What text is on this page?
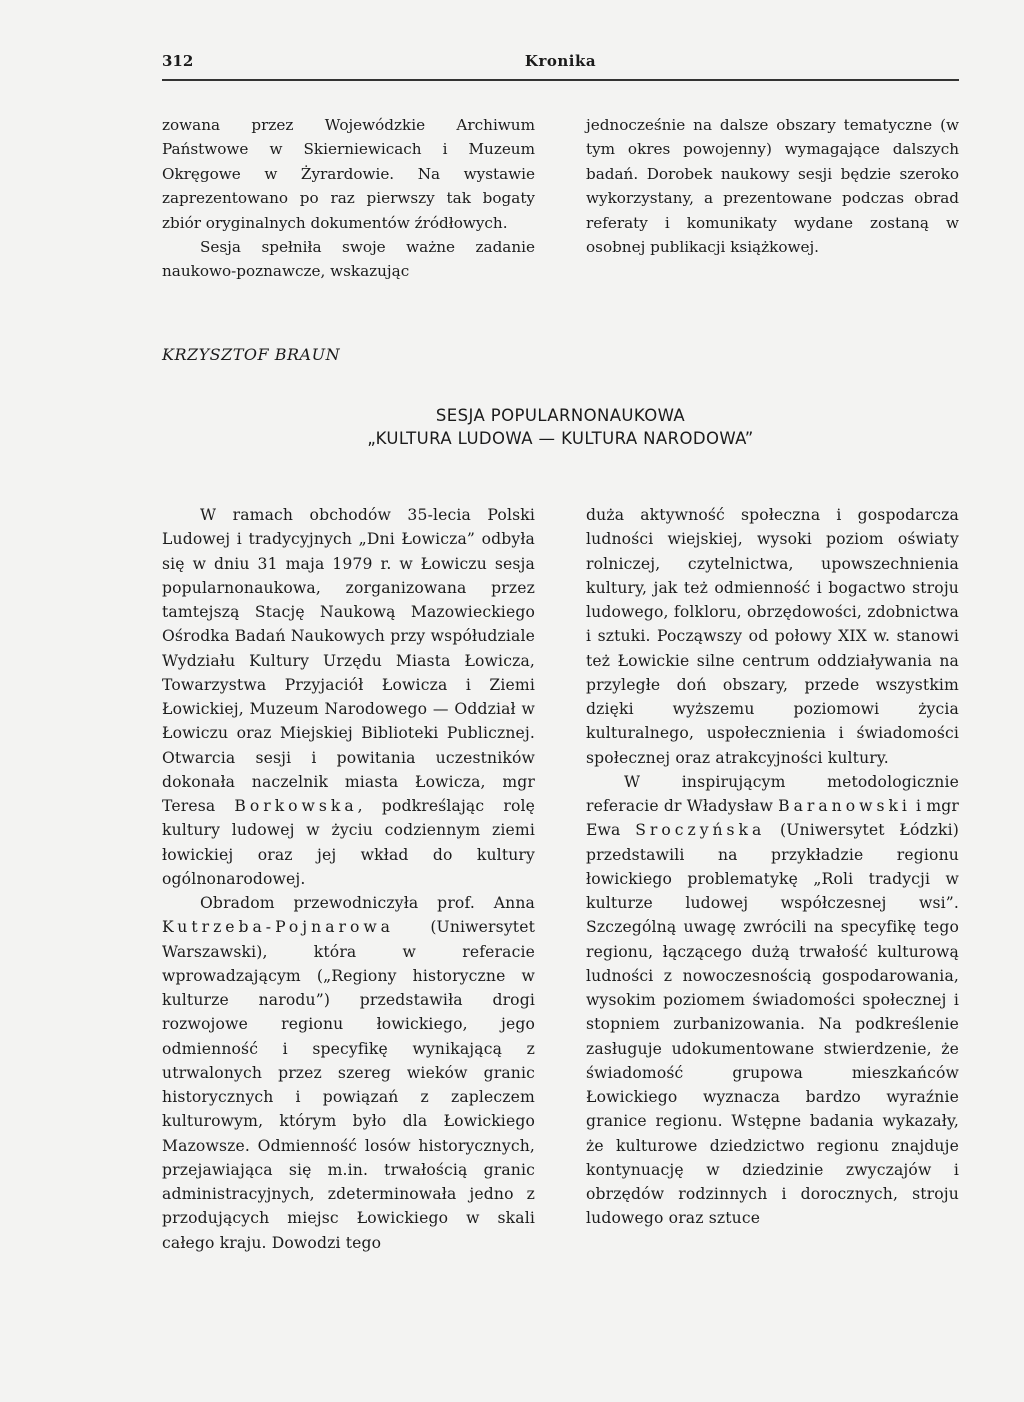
312	Kronika

zowana przez Wojewódzkie Archiwum Państwowe w Skierniewicach i Muzeum Okręgowe w Żyrardowie. Na wystawie zaprezentowano po raz pierwszy tak bogaty zbiór oryginalnych dokumentów źródłowych.

Sesja spełniła swoje ważne zadanie naukowo-poznawcze, wskazując

jednocześnie na dalsze obszary tematyczne (w tym okres powojenny) wymagające dalszych badań. Dorobek naukowy sesji będzie szeroko wykorzystany, a prezentowane podczas obrad referaty i komunikaty wydane zostaną w osobnej publikacji książkowej.

KRZYSZTOF BRAUN
SESJA POPULARNONAUKOWA
„KULTURA LUDOWA — KULTURA NARODOWA”

W ramach obchodów 35-lecia Polski Ludowej i tradycyjnych „Dni Łowicza” odbyła się w dniu 31 maja 1979 r. w Łowiczu sesja popularnonaukowa, zorganizowana przez tamtejszą Stację Naukową Mazowieckiego Ośrodka Badań Naukowych przy współudziale Wydziału Kultury Urzędu Miasta Łowicza, Towarzystwa Przyjaciół Łowicza i Ziemi Łowickiej, Muzeum Narodowego — Oddział w Łowiczu oraz Miejskiej Biblioteki Publicznej. Otwarcia sesji i powitania uczestników dokonała naczelnik miasta Łowicza, mgr Teresa Borkowska, podkreślając rolę kultury ludowej w życiu codziennym ziemi łowickiej oraz jej wkład do kultury ogólnonarodowej.

Obradom przewodniczyła prof. Anna Kutrzeba-Pojnarowa (Uniwersytet Warszawski), która w referacie wprowadzającym („Regiony historyczne w kulturze narodu”) przedstawiła drogi rozwojowe regionu łowickiego, jego odmienność i specyfikę wynikającą z utrwalonych przez szereg wieków granic historycznych i powiązań z zapleczem kulturowym, którym było dla Łowickiego Mazowsze. Odmienność losów historycznych, przejawiająca się m.in. trwałością granic administracyjnych, zdeterminowała jedno z przodujących miejsc Łowickiego w skali całego kraju. Dowodzi tego

duża aktywność społeczna i gospodarcza ludności wiejskiej, wysoki poziom oświaty rolniczej, czytelnictwa, upowszechnienia kultury, jak też odmienność i bogactwo stroju ludowego, folkloru, obrzędowości, zdobnictwa i sztuki. Począwszy od połowy XIX w. stanowi też Łowickie silne centrum oddziaływania na przyległe doń obszary, przede wszystkim dzięki wyższemu poziomowi życia kulturalnego, uspołecznienia i świadomości społecznej oraz atrakcyjności kultury.

W inspirującym metodologicznie referacie dr Władysław Baranowski i mgr Ewa Sroczyńska (Uniwersytet Łódzki) przedstawili na przykładzie regionu łowickiego problematykę „Roli tradycji w kulturze ludowej współczesnej wsi”. Szczególną uwagę zwrócili na specyfikę tego regionu, łączącego dużą trwałość kulturową ludności z nowoczesnością gospodarowania, wysokim poziomem świadomości społecznej i stopniem zurbanizowania. Na podkreślenie zasługuje udokumentowane stwierdzenie, że świadomość grupowa mieszkańców Łowickiego wyznacza bardzo wyraźnie granice regionu. Wstępne badania wykazały, że kulturowe dziedzictwo regionu znajduje kontynuację w dziedzinie zwyczajów i obrzędów rodzinnych i dorocznych, stroju ludowego oraz sztuce
